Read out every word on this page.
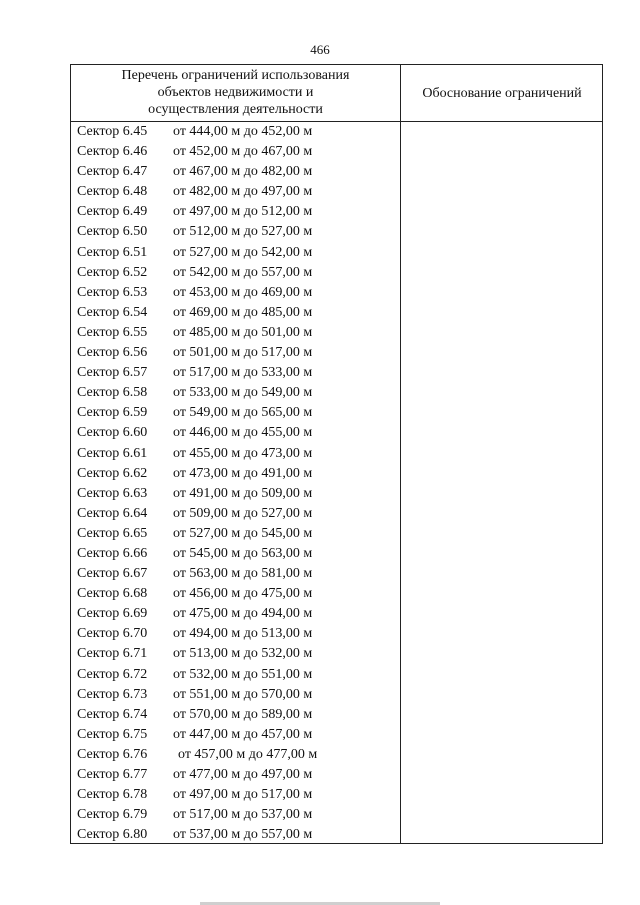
466
Перечень ограничений использования
объектов недвижимости и
осуществления деятельности
Обоснование ограничений
Сектор 6.45 от 444,00 м до 452,00 м
Сектор 6.46 от 452,00 м до 467,00 м
Сектор 6.47 от 467,00 м до 482,00 м
Сектор 6.48 от 482,00 м до 497,00 м
Сектор 6.49 от 497,00 м до 512,00 м
Сектор 6.50 от 512,00 м до 527,00 м
Сектор 6.51 от 527,00 м до 542,00 м
Сектор 6.52 от 542,00 м до 557,00 м
Сектор 6.53 от 453,00 м до 469,00 м
Сектор 6.54 от 469,00 м до 485,00 м
Сектор 6.55 от 485,00 м до 501,00 м
Сектор 6.56 от 501,00 м до 517,00 м
Сектор 6.57 от 517,00 м до 533,00 м
Сектор 6.58 от 533,00 м до 549,00 м
Сектор 6.59 от 549,00 м до 565,00 м
Сектор 6.60 от 446,00 м до 455,00 м
Сектор 6.61 от 455,00 м до 473,00 м
Сектор 6.62 от 473,00 м до 491,00 м
Сектор 6.63 от 491,00 м до 509,00 м
Сектор 6.64 от 509,00 м до 527,00 м
Сектор 6.65 от 527,00 м до 545,00 м
Сектор 6.66 от 545,00 м до 563,00 м
Сектор 6.67 от 563,00 м до 581,00 м
Сектор 6.68 от 456,00 м до 475,00 м
Сектор 6.69 от 475,00 м до 494,00 м
Сектор 6.70 от 494,00 м до 513,00 м
Сектор 6.71 от 513,00 м до 532,00 м
Сектор 6.72 от 532,00 м до 551,00 м
Сектор 6.73 от 551,00 м до 570,00 м
Сектор 6.74 от 570,00 м до 589,00 м
Сектор 6.75 от 447,00 м до 457,00 м
Сектор 6.76 от 457,00 м до 477,00 м
Сектор 6.77 от 477,00 м до 497,00 м
Сектор 6.78 от 497,00 м до 517,00 м
Сектор 6.79 от 517,00 м до 537,00 м
Сектор 6.80 от 537,00 м до 557,00 м
